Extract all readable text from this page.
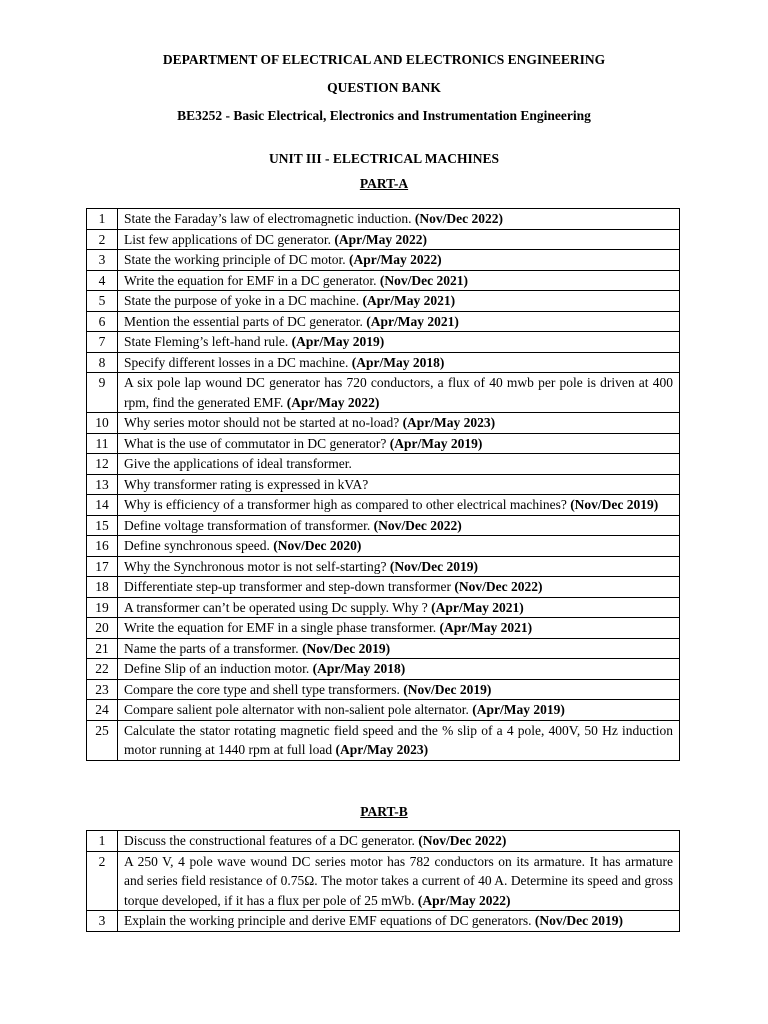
DEPARTMENT OF ELECTRICAL AND ELECTRONICS ENGINEERING
QUESTION BANK
BE3252 - Basic Electrical, Electronics and Instrumentation Engineering
UNIT III - ELECTRICAL MACHINES
PART-A
1	State the Faraday’s law of electromagnetic induction. (Nov/Dec 2022)
2	List few applications of DC generator. (Apr/May 2022)
3	State the working principle of DC motor. (Apr/May 2022)
4	Write the equation for EMF in a DC generator. (Nov/Dec 2021)
5	State the purpose of yoke in a DC machine. (Apr/May 2021)
6	Mention the essential parts of DC generator. (Apr/May 2021)
7	State Fleming’s left-hand rule. (Apr/May 2019)
8	Specify different losses in a DC machine. (Apr/May 2018)
9	A six pole lap wound DC generator has 720 conductors, a flux of 40 mwb per pole is driven at 400 rpm, find the generated EMF. (Apr/May 2022)
10	Why series motor should not be started at no-load? (Apr/May 2023)
11	What is the use of commutator in DC generator? (Apr/May 2019)
12	Give the applications of ideal transformer.
13	Why transformer rating is expressed in kVA?
14	Why is efficiency of a transformer high as compared to other electrical machines? (Nov/Dec 2019)
15	Define voltage transformation of transformer. (Nov/Dec 2022)
16	Define synchronous speed. (Nov/Dec 2020)
17	Why the Synchronous motor is not self-starting? (Nov/Dec 2019)
18	Differentiate step-up transformer and step-down transformer (Nov/Dec 2022)
19	A transformer can’t be operated using Dc supply. Why ? (Apr/May 2021)
20	Write the equation for EMF in a single phase transformer. (Apr/May 2021)
21	Name the parts of a transformer. (Nov/Dec 2019)
22	Define Slip of an induction motor. (Apr/May 2018)
23	Compare the core type and shell type transformers. (Nov/Dec 2019)
24	Compare salient pole alternator with non-salient pole alternator. (Apr/May 2019)
25	Calculate the stator rotating magnetic field speed and the % slip of a 4 pole, 400V, 50 Hz induction motor running at 1440 rpm at full load (Apr/May 2023)
PART-B
1	Discuss the constructional features of a DC generator. (Nov/Dec 2022)
2	A 250 V, 4 pole wave wound DC series motor has 782 conductors on its armature. It has armature and series field resistance of 0.75Ω. The motor takes a current of 40 A. Determine its speed and gross torque developed, if it has a flux per pole of 25 mWb. (Apr/May 2022)
3	Explain the working principle and derive EMF equations of DC generators. (Nov/Dec 2019)
